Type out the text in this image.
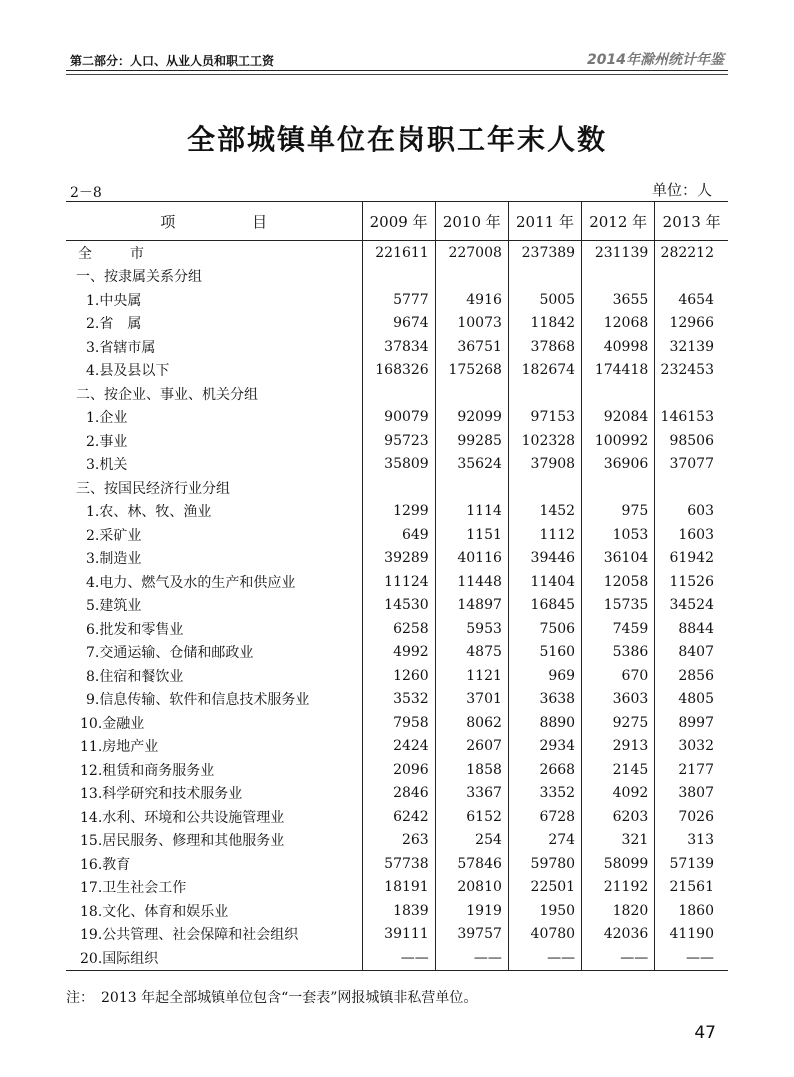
第二部分：人口、从业人员和职工工资	2014年滁州统计年鉴
全部城镇单位在岗职工年末人数
2－8	单位：人
项 目	2009 年	2010 年	2011 年	2012 年	2013 年
全市	221611	227008	237389	231139	282212
一、按隶属关系分组					
1.中央属	5777	4916	5005	3655	4654
2.省　属	9674	10073	11842	12068	12966
3.省辖市属	37834	36751	37868	40998	32139
4.县及县以下	168326	175268	182674	174418	232453
二、按企业、事业、机关分组					
1.企业	90079	92099	97153	92084	146153
2.事业	95723	99285	102328	100992	98506
3.机关	35809	35624	37908	36906	37077
三、按国民经济行业分组					
1.农、林、牧、渔业	1299	1114	1452	975	603
2.采矿业	649	1151	1112	1053	1603
3.制造业	39289	40116	39446	36104	61942
4.电力、燃气及水的生产和供应业	11124	11448	11404	12058	11526
5.建筑业	14530	14897	16845	15735	34524
6.批发和零售业	6258	5953	7506	7459	8844
7.交通运输、仓储和邮政业	4992	4875	5160	5386	8407
8.住宿和餐饮业	1260	1121	969	670	2856
9.信息传输、软件和信息技术服务业	3532	3701	3638	3603	4805
10.金融业	7958	8062	8890	9275	8997
11.房地产业	2424	2607	2934	2913	3032
12.租赁和商务服务业	2096	1858	2668	2145	2177
13.科学研究和技术服务业	2846	3367	3352	4092	3807
14.水利、环境和公共设施管理业	6242	6152	6728	6203	7026
15.居民服务、修理和其他服务业	263	254	274	321	313
16.教育	57738	57846	59780	58099	57139
17.卫生社会工作	18191	20810	22501	21192	21561
18.文化、体育和娱乐业	1839	1919	1950	1820	1860
19.公共管理、社会保障和社会组织	39111	39757	40780	42036	41190
20.国际组织	——	——	——	——	——
注：　2013 年起全部城镇单位包含“一套表”网报城镇非私营单位。
47
